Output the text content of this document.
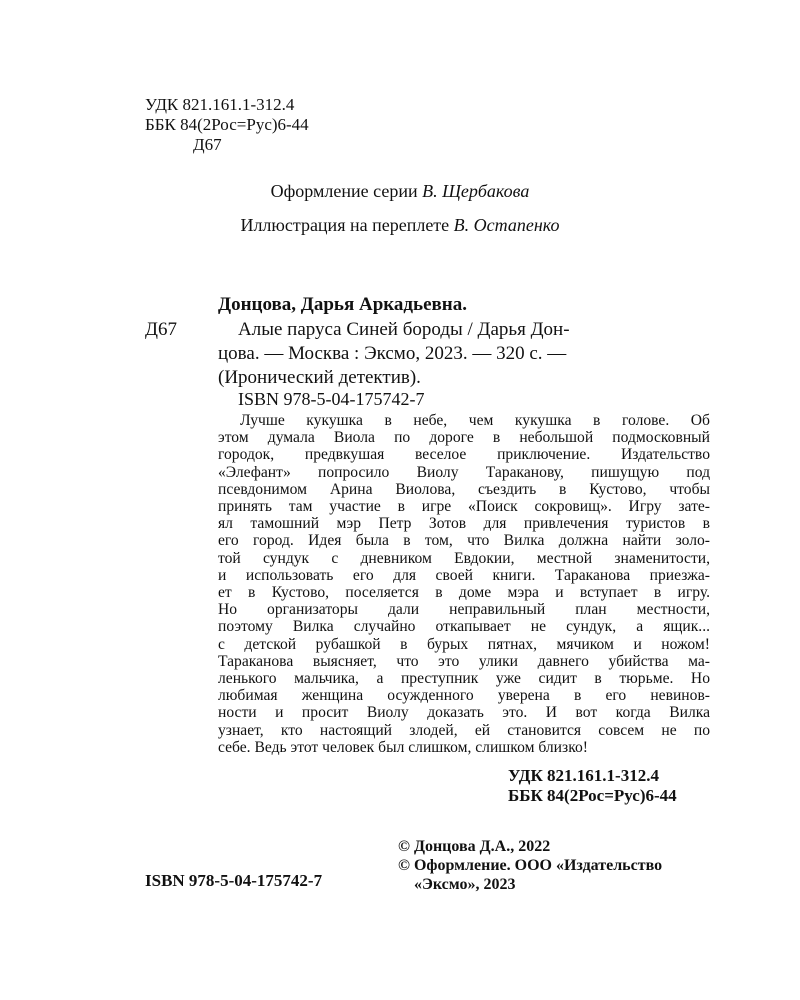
УДК 821.161.1-312.4
ББК 84(2Рос=Рус)6-44
Д67
Оформление серии В. Щербакова
Иллюстрация на переплете В. Остапенко
Донцова, Дарья Аркадьевна.
Д67	Алые паруса Синей бороды / Дарья Дон-
цова. — Москва : Эксмо, 2023. — 320 с. —
(Иронический детектив).
ISBN 978-5-04-175742-7
Лучше кукушка в небе, чем кукушка в голове. Об
этом думала Виола по дороге в небольшой подмосковный
городок, предвкушая веселое приключение. Издательство
«Элефант» попросило Виолу Тараканову, пишущую под
псевдонимом Арина Виолова, съездить в Кустово, чтобы
принять там участие в игре «Поиск сокровищ». Игру зате-
ял тамошний мэр Петр Зотов для привлечения туристов в
его город. Идея была в том, что Вилка должна найти золо-
той сундук с дневником Евдокии, местной знаменитости,
и использовать его для своей книги. Тараканова приезжа-
ет в Кустово, поселяется в доме мэра и вступает в игру.
Но организаторы дали неправильный план местности,
поэтому Вилка случайно откапывает не сундук, а ящик...
с детской рубашкой в бурых пятнах, мячиком и ножом!
Тараканова выясняет, что это улики давнего убийства ма-
ленького мальчика, а преступник уже сидит в тюрьме. Но
любимая женщина осужденного уверена в его невинов-
ности и просит Виолу доказать это. И вот когда Вилка
узнает, кто настоящий злодей, ей становится совсем не по
себе. Ведь этот человек был слишком, слишком близко!
УДК 821.161.1-312.4
ББК 84(2Рос=Рус)6-44
© Донцова Д.А., 2022
© Оформление. ООО «Издательство
«Эксмо», 2023
ISBN 978-5-04-175742-7
